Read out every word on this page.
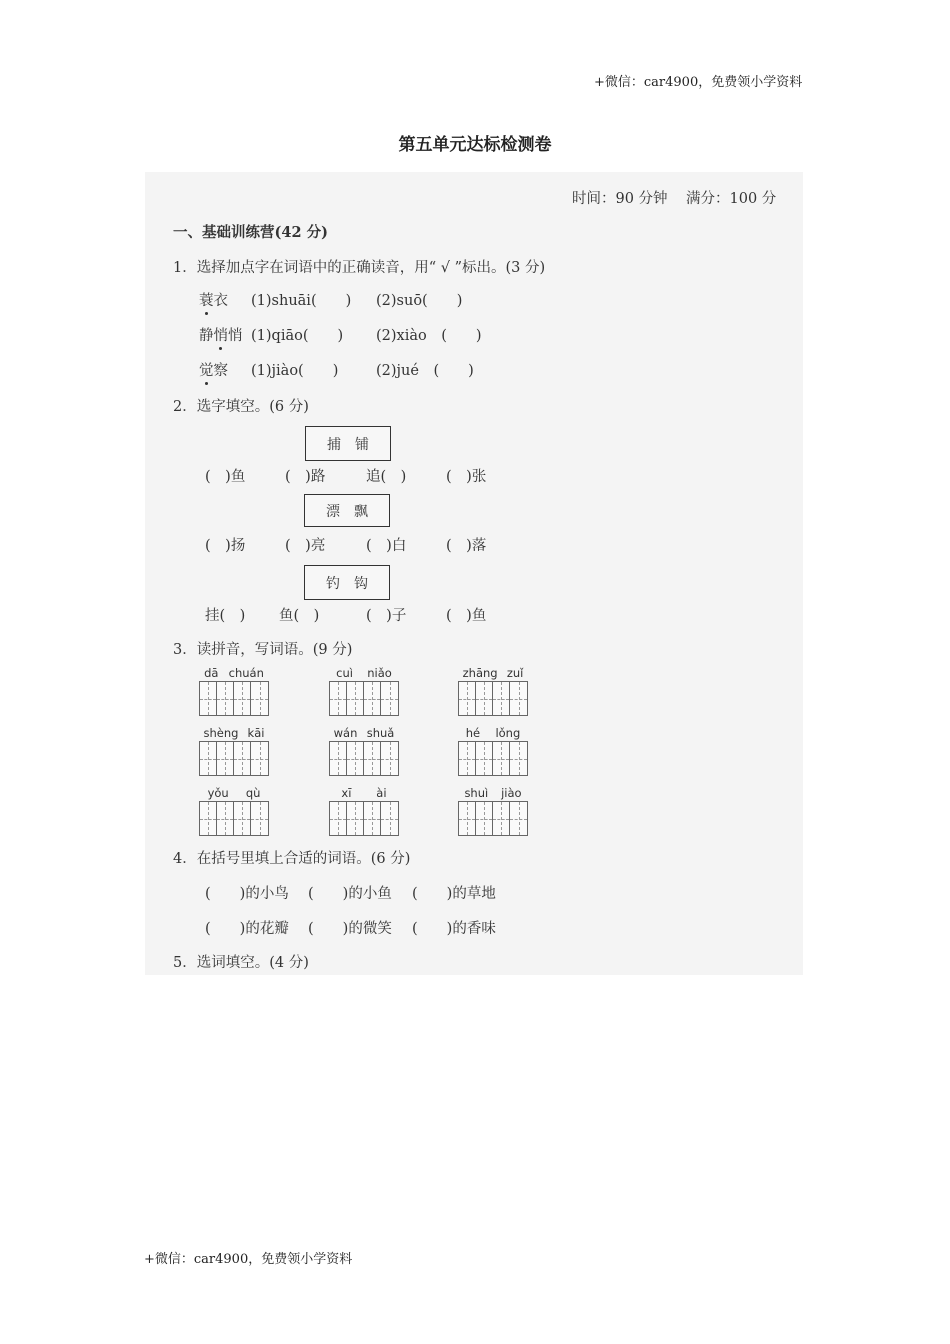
+微信：car4900，免费领小学资料
第五单元达标检测卷
时间：90 分钟 满分：100 分
一、基础训练营(42 分)
1．选择加点字在词语中的正确读音，用“ √ ”标出。(3 分)
蓑衣 (1)shuāi(　　) (2)suō(　　)
静悄悄 (1)qiāo(　　) (2)xiào　(　　)
觉察 (1)jiào(　　)	(2)jué　(　　)
2．选字填空。(6 分)
捕 铺
(　)鱼	(　)路	追(　)	(　)张
漂 飘
(　)扬	(　)亮	(　)白	(　)落
钓 钩
挂(　) 鱼(　)	(　)子	(　)鱼
3．读拼音，写词语。(9 分)
dā chuán	cuì niǎo	zhāng zuǐ
shèng kāi	wán shuǎ	hé lǒng
yǒu qù	xī ài	shuì jiào
4．在括号里填上合适的词语。(6 分)
(　　)的小鸟 (　　)的小鱼 (　　)的草地
(　　)的花瓣 (　　)的微笑 (　　)的香味
5．选词填空。(4 分)
+微信：car4900，免费领小学资料
